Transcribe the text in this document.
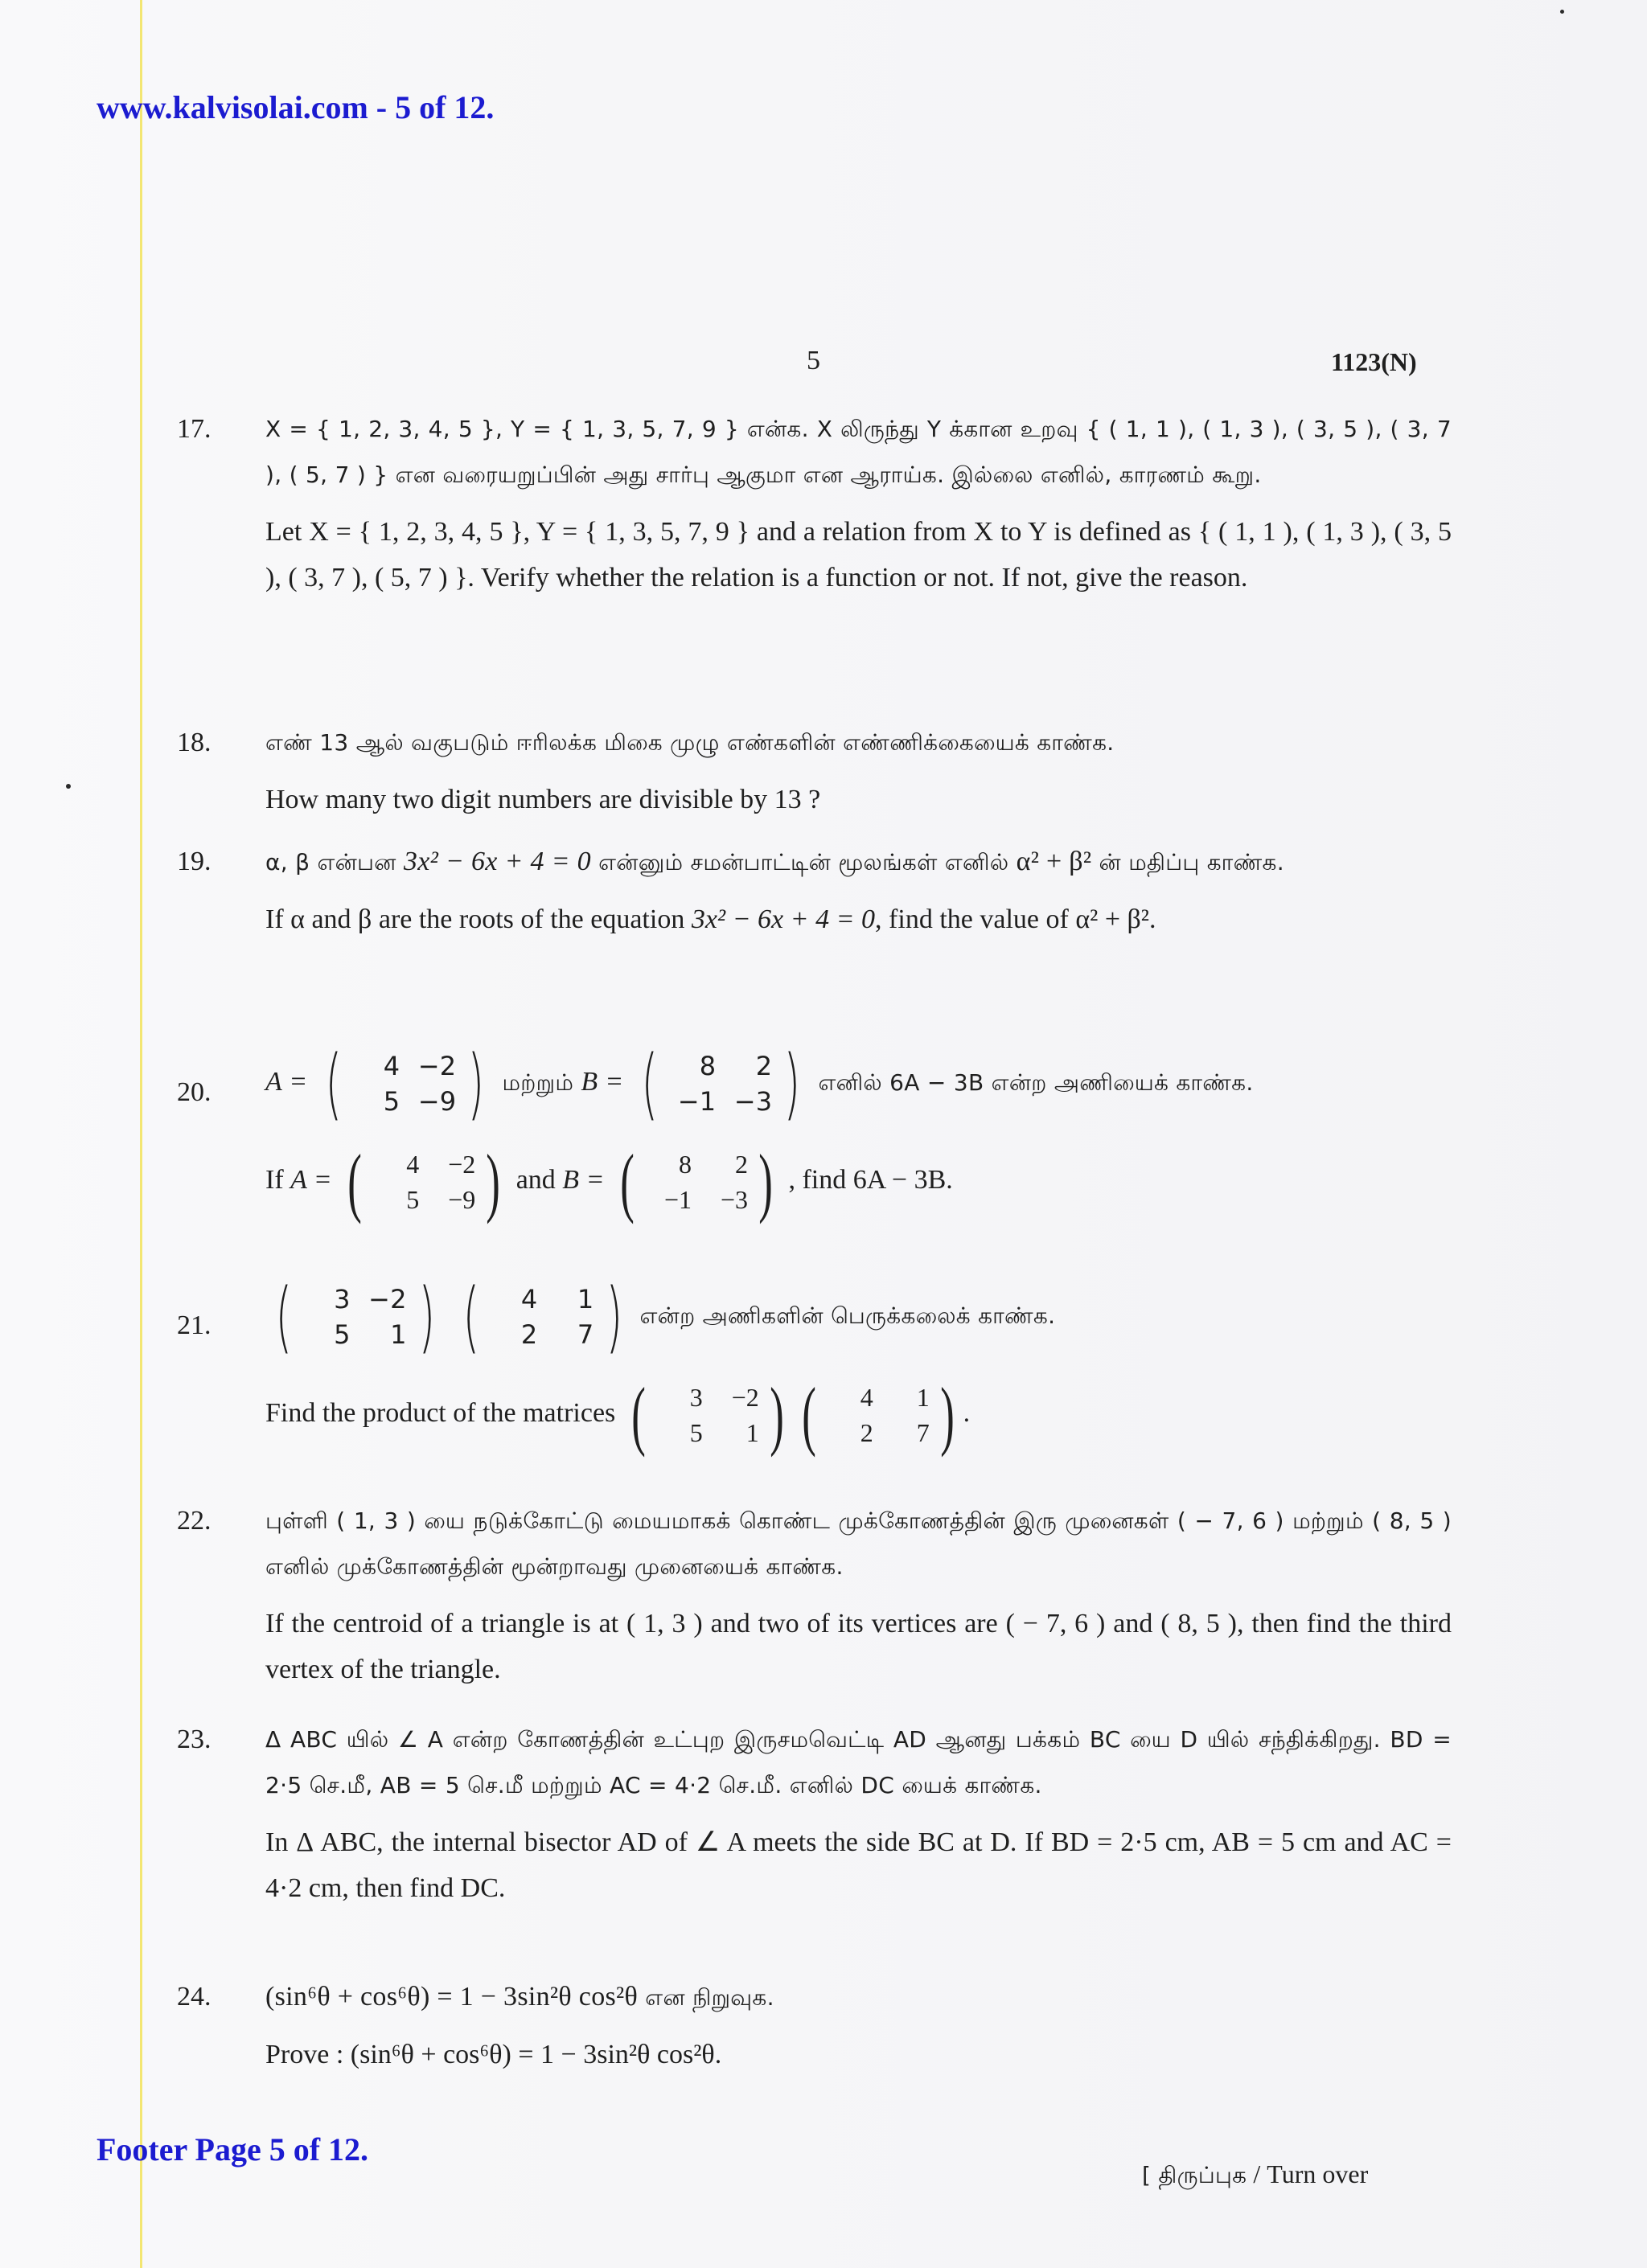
www.kalvisolai.com - 5 of 12.
5	1123(N)
17. X = { 1, 2, 3, 4, 5 }, Y = { 1, 3, 5, 7, 9 } என்க. X லிருந்து Y க்கான உறவு { ( 1, 1 ), ( 1, 3 ), ( 3, 5 ), ( 3, 7 ), ( 5, 7 ) } என வரையறுப்பின் அது சார்பு ஆகுமா என ஆராய்க. இல்லை எனில், காரணம் கூறு.

Let X = { 1, 2, 3, 4, 5 }, Y = { 1, 3, 5, 7, 9 } and a relation from X to Y is defined as { ( 1, 1 ), ( 1, 3 ), ( 3, 5 ), ( 3, 7 ), ( 5, 7 ) }. Verify whether the relation is a function or not. If not, give the reason.

18. எண் 13 ஆல் வகுபடும் ஈரிலக்க மிகை முழு எண்களின் எண்ணிக்கையைக் காண்க.

How many two digit numbers are divisible by 13 ?

19. α, β என்பன 3x² − 6x + 4 = 0 என்னும் சமன்பாட்டின் மூலங்கள் எனில் α² + β² ன் மதிப்பு காண்க.

If α and β are the roots of the equation 3x² − 6x + 4 = 0, find the value of α² + β².

20. A = (	4 −2
5 −9 ) மற்றும் B = (	8	2
−1 −3 ) எனில் 6A − 3B என்ற அணியைக் காண்க.

If A = (	4	−2
5	−9 ) and B = (	8	2
−1	−3 ) , find 6A − 3B.

21. (	3 −2
5	1 )
(	4	1
2	7 ) என்ற அணிகளின் பெருக்கலைக் காண்க.

Find the product of the matrices (	3	−2
5	1 ) (	4	1
2	7 ) .

22. புள்ளி ( 1, 3 ) யை நடுக்கோட்டு மையமாகக் கொண்ட முக்கோணத்தின் இரு முனைகள் ( − 7, 6 ) மற்றும் ( 8, 5 ) எனில் முக்கோணத்தின் மூன்றாவது முனையைக் காண்க.

If the centroid of a triangle is at ( 1, 3 ) and two of its vertices are ( − 7, 6 ) and ( 8, 5 ), then find the third vertex of the triangle.

23. Δ ABC யில் ∠ A என்ற கோணத்தின் உட்புற இருசமவெட்டி AD ஆனது பக்கம் BC யை D யில் சந்திக்கிறது. BD = 2·5 செ.மீ, AB = 5 செ.மீ மற்றும் AC = 4·2 செ.மீ. எனில் DC யைக் காண்க.

In Δ ABC, the internal bisector AD of ∠ A meets the side BC at D. If BD = 2·5 cm, AB = 5 cm and AC = 4·2 cm, then find DC.

24. (sin⁶θ + cos⁶θ) = 1 − 3sin²θ cos²θ என நிறுவுக.

Prove : (sin⁶θ + cos⁶θ) = 1 − 3sin²θ cos²θ.

Footer Page 5 of 12.
[ திருப்புக / Turn over
